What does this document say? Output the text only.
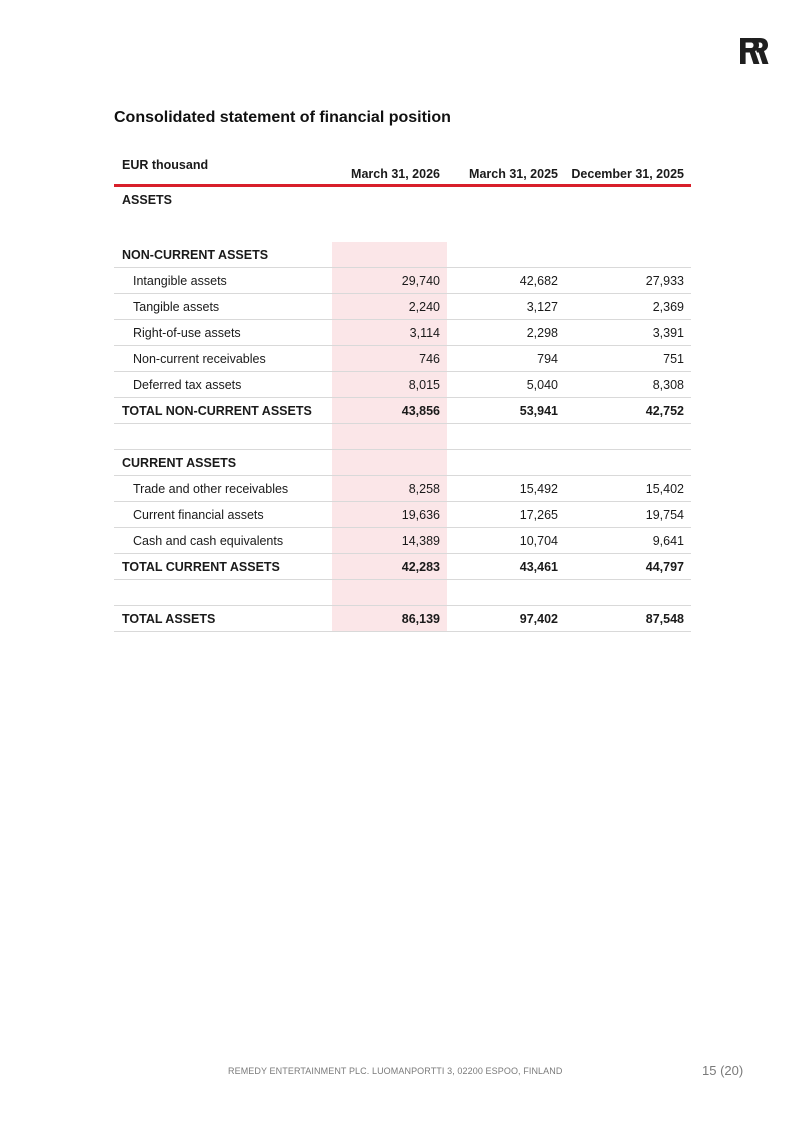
Consolidated statement of financial position
EUR thousand	March 31, 2026	March 31, 2025	December 31, 2025
ASSETS			

NON-CURRENT ASSETS			
Intangible assets	29,740	42,682	27,933
Tangible assets	2,240	3,127	2,369
Right-of-use assets	3,114	2,298	3,391
Non-current receivables	746	794	751
Deferred tax assets	8,015	5,040	8,308
TOTAL NON-CURRENT ASSETS	43,856	53,941	42,752

CURRENT ASSETS			
Trade and other receivables	8,258	15,492	15,402
Current financial assets	19,636	17,265	19,754
Cash and cash equivalents	14,389	10,704	9,641
TOTAL CURRENT ASSETS	42,283	43,461	44,797

TOTAL ASSETS	86,139	97,402	87,548
REMEDY ENTERTAINMENT PLC. LUOMANPORTTI 3, 02200 ESPOO, FINLAND	15 (20)
